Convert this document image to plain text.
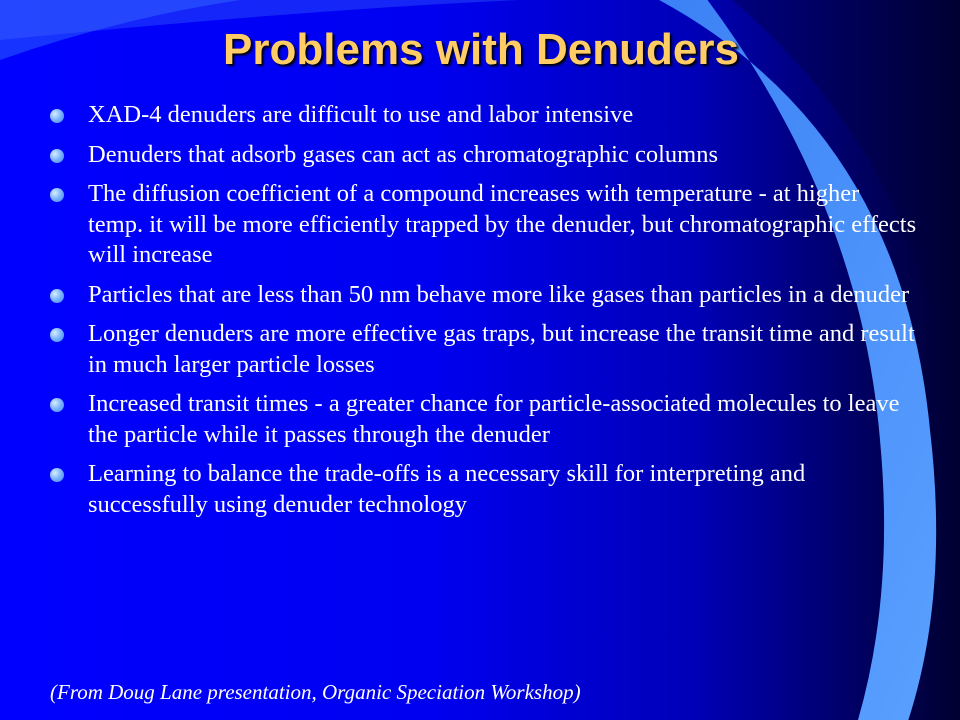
Problems with Denuders
XAD-4 denuders are difficult to use and labor intensive
Denuders that adsorb gases can act as chromatographic columns
The diffusion coefficient of a compound increases with temperature - at higher temp. it will be more efficiently trapped by the denuder, but chromatographic effects will increase
Particles that are less than 50 nm behave more like gases than particles in a denuder
Longer denuders are more effective gas traps, but increase the transit time and result in much larger particle losses
Increased transit times - a greater chance for particle-associated molecules to leave the particle while it passes through the denuder
Learning to balance the trade-offs is a necessary skill for interpreting and successfully using denuder technology
(From Doug Lane presentation, Organic Speciation Workshop)
